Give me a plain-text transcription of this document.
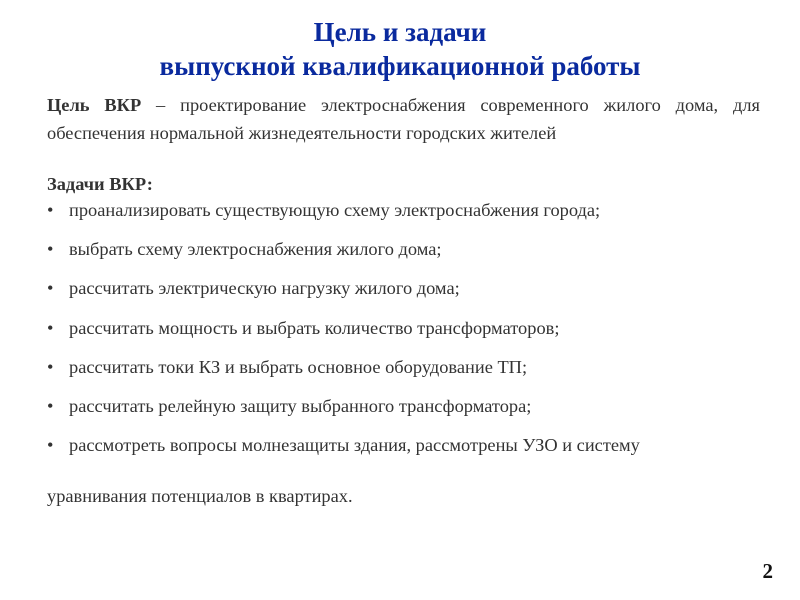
Цель и задачи
выпускной квалификационной работы
Цель ВКР – проектирование электроснабжения современного жилого дома, для обеспечения нормальной жизнедеятельности городских жителей
Задачи ВКР:
• проанализировать существующую схему электроснабжения города;
• выбрать схему электроснабжения жилого дома;
• рассчитать электрическую нагрузку жилого дома;
• рассчитать мощность и выбрать количество трансформаторов;
• рассчитать токи КЗ и выбрать основное оборудование ТП;
• рассчитать релейную защиту выбранного трансформатора;
• рассмотреть вопросы молнезащиты здания, рассмотрены УЗО и систему
уравнивания потенциалов в квартирах.
2
